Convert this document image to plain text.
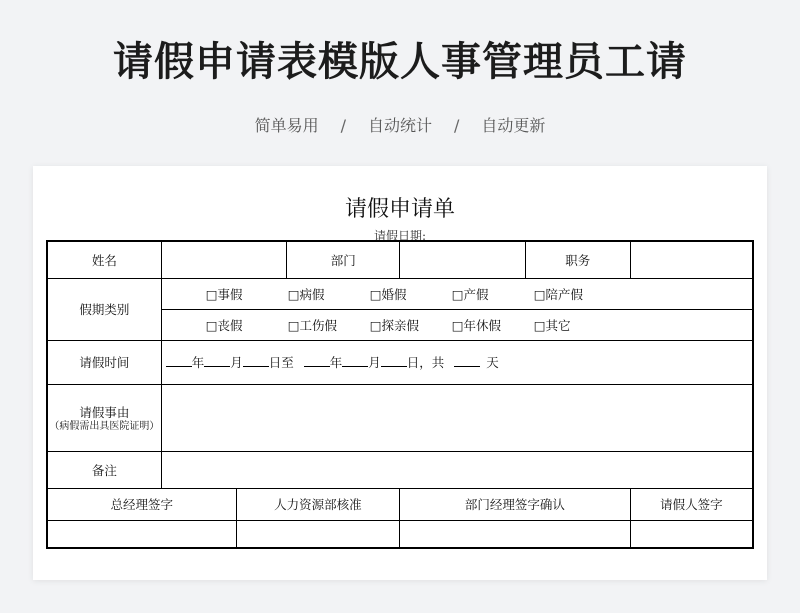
请假申请表模版人事管理员工请
简单易用 / 自动统计 / 自动更新
请假申请单
请假日期:
姓名			部门		职务	
假期类别	□事假 □病假 □婚假 □产假 □陪产假					

	□丧假 □工伤假 □探亲假 □年休假 □其它					

请假时间	年 月 日至 年 月 日，共 天					

请假事由
（病假需出具医院证明）						

备注						
总经理签字		人力资源部核准		部门经理签字确认		请假人签字
